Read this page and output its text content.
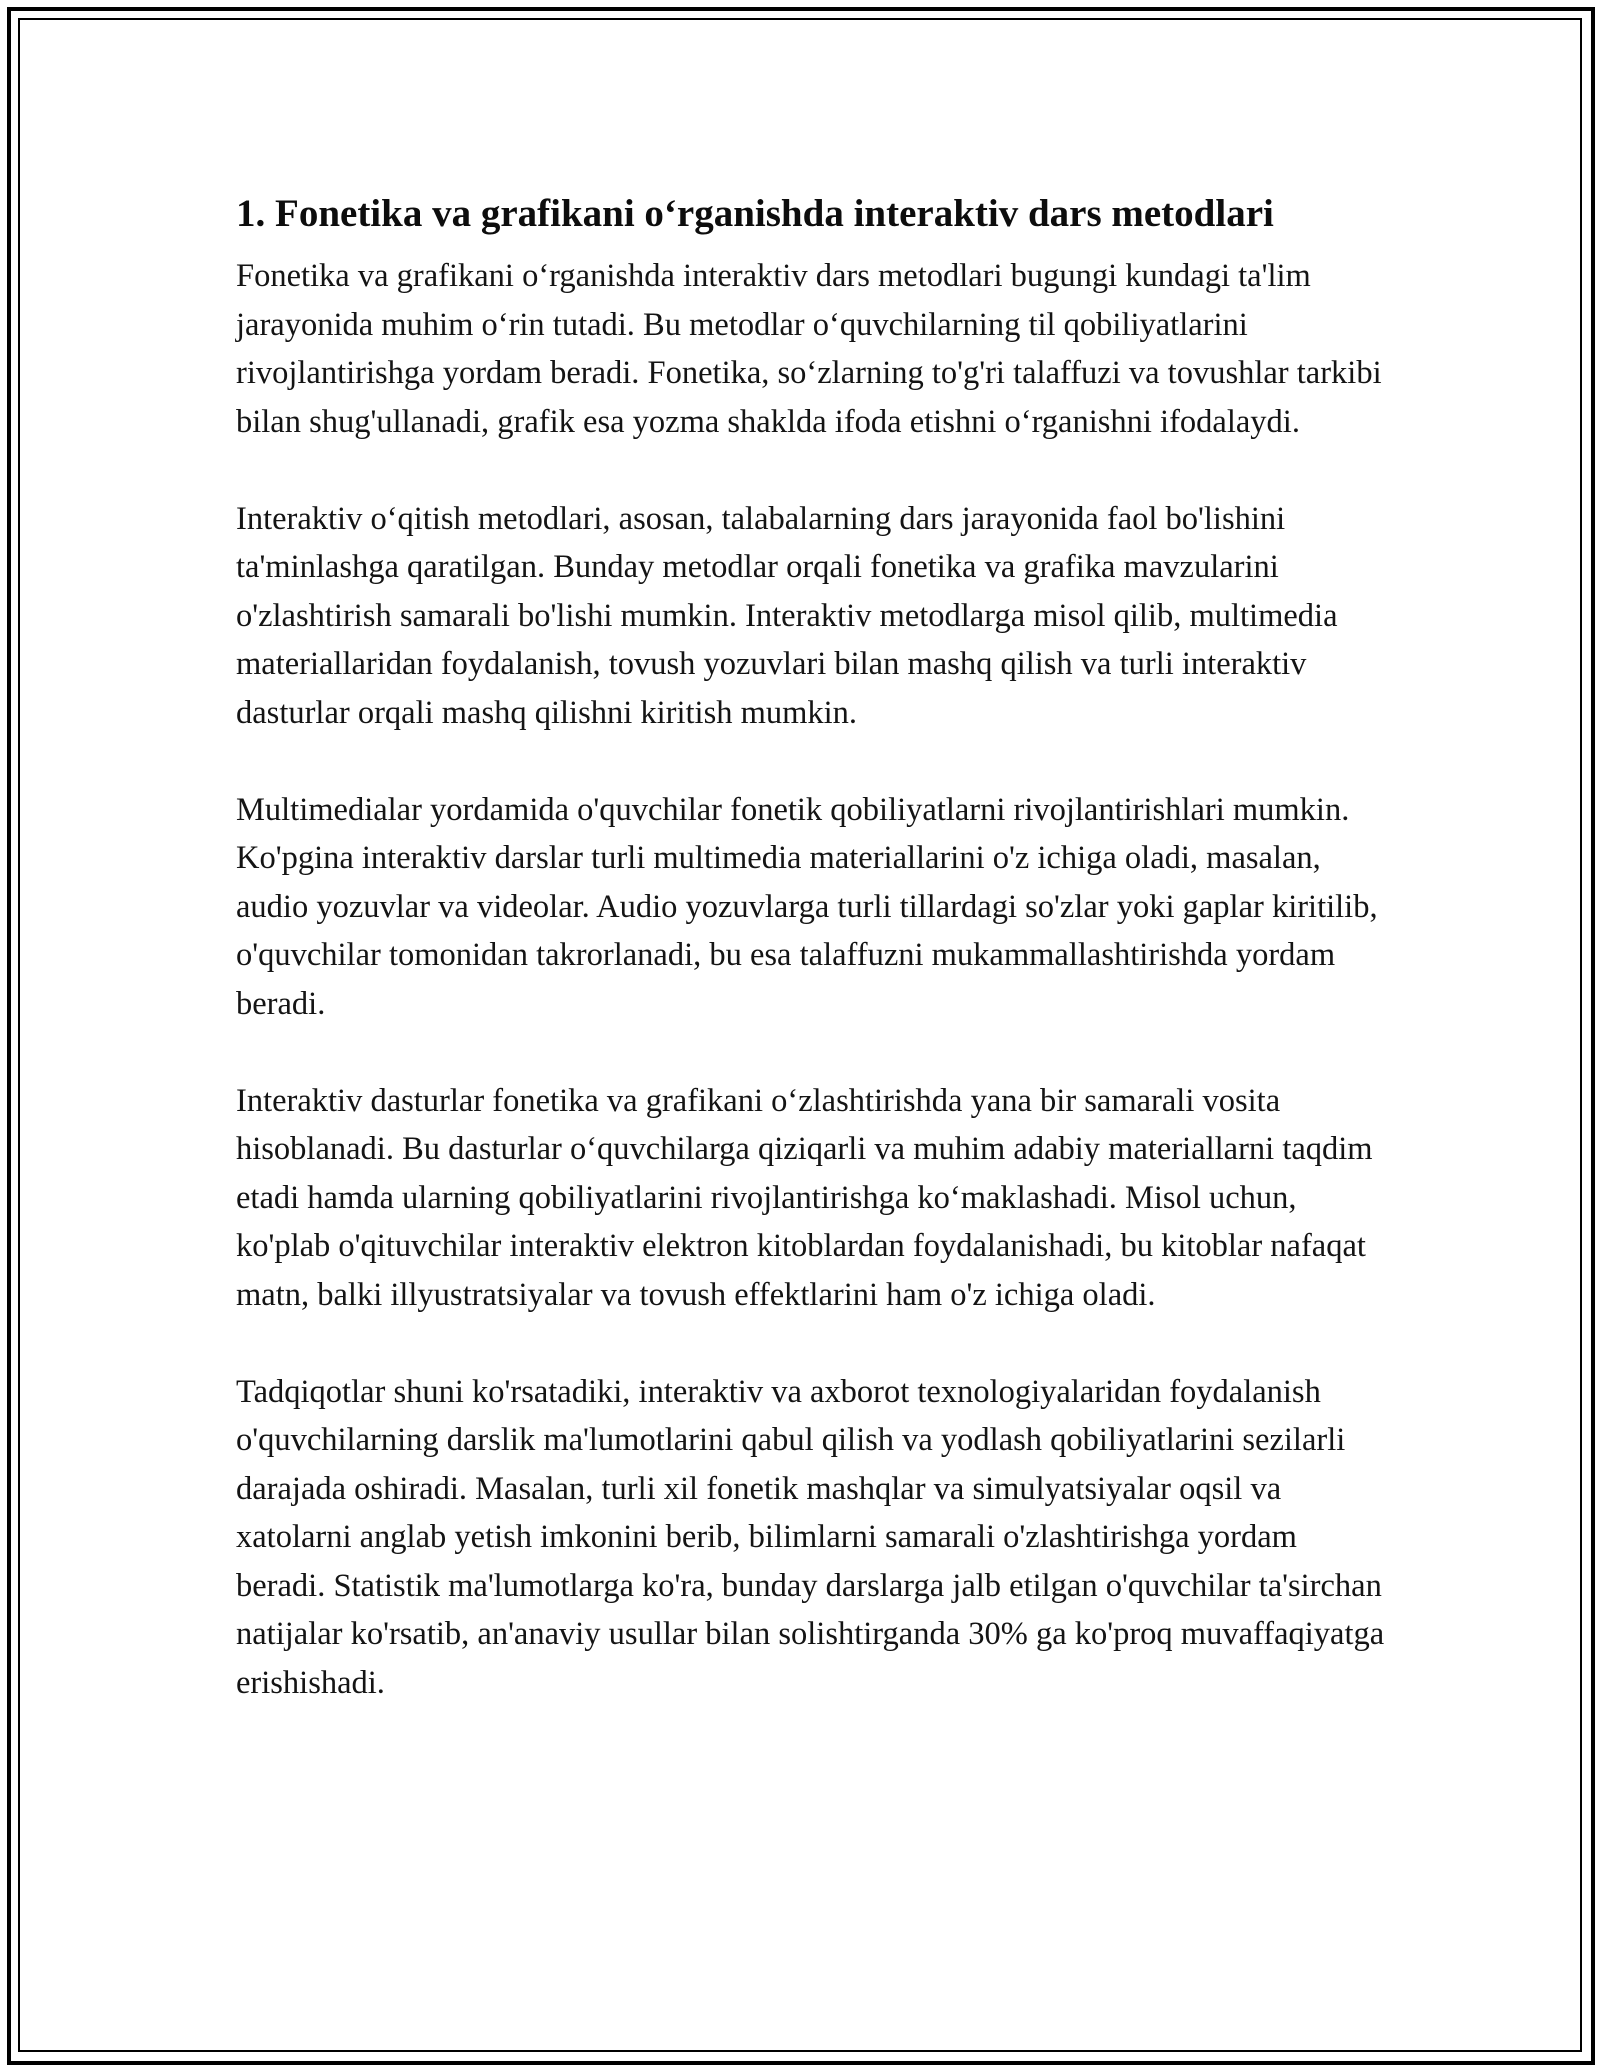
1. Fonetika va grafikani o‘rganishda interaktiv dars metodlari

Fonetika va grafikani o‘rganishda interaktiv dars metodlari bugungi kundagi ta'lim jarayonida muhim o‘rin tutadi. Bu metodlar o‘quvchilarning til qobiliyatlarini rivojlantirishga yordam beradi. Fonetika, so‘zlarning to'g'ri talaffuzi va tovushlar tarkibi bilan shug'ullanadi, grafik esa yozma shaklda ifoda etishni o‘rganishni ifodalaydi.

Interaktiv o‘qitish metodlari, asosan, talabalarning dars jarayonida faol bo'lishini ta'minlashga qaratilgan. Bunday metodlar orqali fonetika va grafika mavzularini o'zlashtirish samarali bo'lishi mumkin. Interaktiv metodlarga misol qilib, multimedia materiallaridan foydalanish, tovush yozuvlari bilan mashq qilish va turli interaktiv dasturlar orqali mashq qilishni kiritish mumkin.

Multimedialar yordamida o'quvchilar fonetik qobiliyatlarni rivojlantirishlari mumkin. Ko'pgina interaktiv darslar turli multimedia materiallarini o'z ichiga oladi, masalan, audio yozuvlar va videolar. Audio yozuvlarga turli tillardagi so'zlar yoki gaplar kiritilib, o'quvchilar tomonidan takrorlanadi, bu esa talaffuzni mukammallashtirishda yordam beradi.

Interaktiv dasturlar fonetika va grafikani o‘zlashtirishda yana bir samarali vosita hisoblanadi. Bu dasturlar o‘quvchilarga qiziqarli va muhim adabiy materiallarni taqdim etadi hamda ularning qobiliyatlarini rivojlantirishga ko‘maklashadi. Misol uchun, ko'plab o'qituvchilar interaktiv elektron kitoblardan foydalanishadi, bu kitoblar nafaqat matn, balki illyustratsiyalar va tovush effektlarini ham o'z ichiga oladi.

Tadqiqotlar shuni ko'rsatadiki, interaktiv va axborot texnologiyalaridan foydalanish o'quvchilarning darslik ma'lumotlarini qabul qilish va yodlash qobiliyatlarini sezilarli darajada oshiradi. Masalan, turli xil fonetik mashqlar va simulyatsiyalar oqsil va xatolarni anglab yetish imkonini berib, bilimlarni samarali o'zlashtirishga yordam beradi. Statistik ma'lumotlarga ko'ra, bunday darslarga jalb etilgan o'quvchilar ta'sirchan natijalar ko'rsatib, an'anaviy usullar bilan solishtirganda 30% ga ko'proq muvaffaqiyatga erishishadi.
